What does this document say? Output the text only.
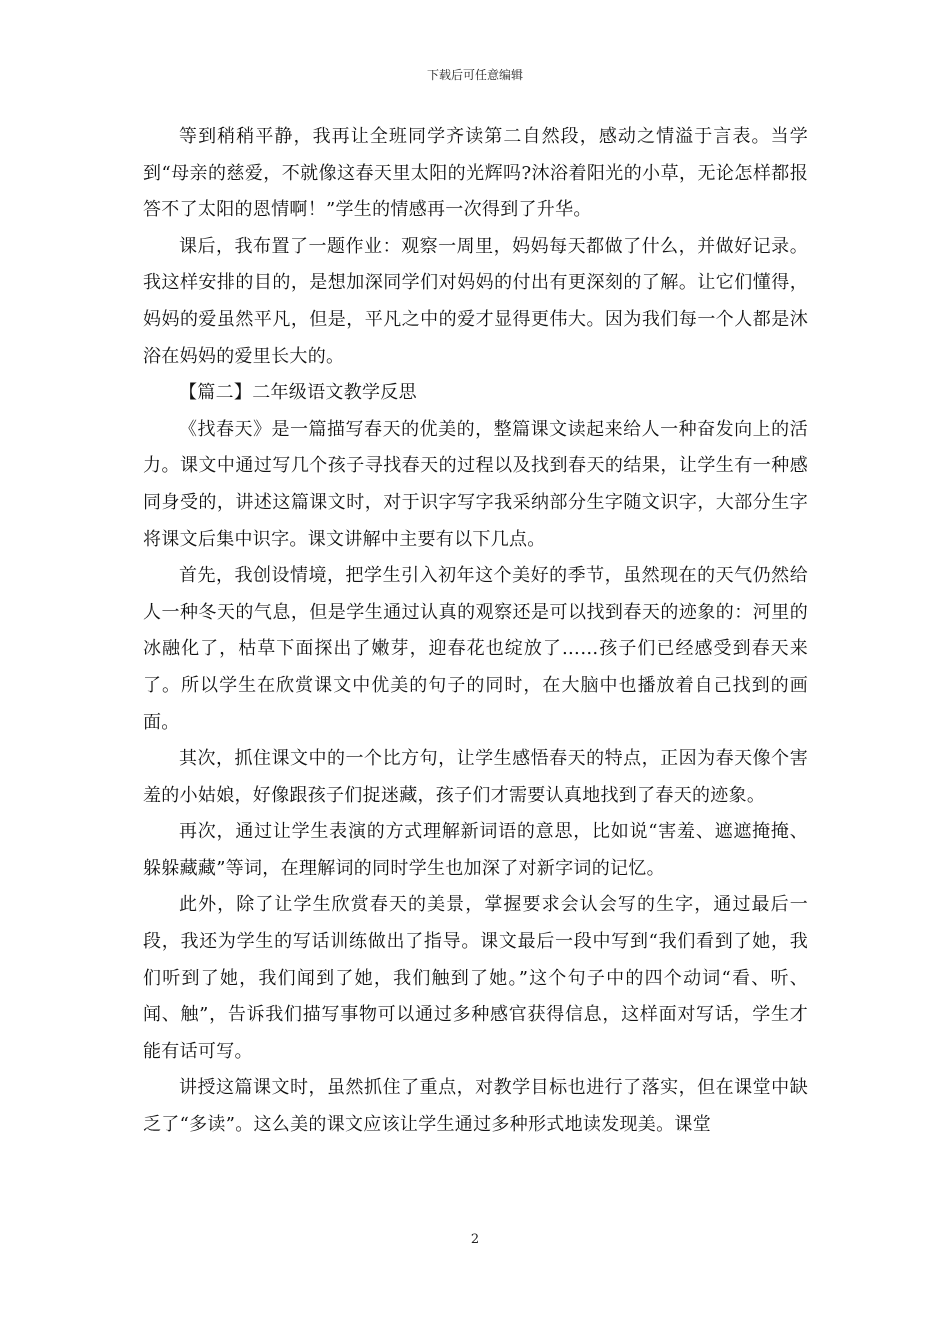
下载后可任意编辑

等到稍稍平静，我再让全班同学齐读第二自然段，感动之情溢于言表。当学到“母亲的慈爱，不就像这春天里太阳的光辉吗?沐浴着阳光的小草，无论怎样都报答不了太阳的恩情啊！”学生的情感再一次得到了升华。

课后，我布置了一题作业：观察一周里，妈妈每天都做了什么，并做好记录。我这样安排的目的，是想加深同学们对妈妈的付出有更深刻的了解。让它们懂得，妈妈的爱虽然平凡，但是，平凡之中的爱才显得更伟大。因为我们每一个人都是沐浴在妈妈的爱里长大的。

【篇二】二年级语文教学反思

《找春天》是一篇描写春天的优美的，整篇课文读起来给人一种奋发向上的活力。课文中通过写几个孩子寻找春天的过程以及找到春天的结果，让学生有一种感同身受的，讲述这篇课文时，对于识字写字我采纳部分生字随文识字，大部分生字将课文后集中识字。课文讲解中主要有以下几点。

首先，我创设情境，把学生引入初年这个美好的季节，虽然现在的天气仍然给人一种冬天的气息，但是学生通过认真的观察还是可以找到春天的迹象的：河里的冰融化了，枯草下面探出了嫩芽，迎春花也绽放了……孩子们已经感受到春天来了。所以学生在欣赏课文中优美的句子的同时，在大脑中也播放着自己找到的画面。

其次，抓住课文中的一个比方句，让学生感悟春天的特点，正因为春天像个害羞的小姑娘，好像跟孩子们捉迷藏，孩子们才需要认真地找到了春天的迹象。

再次，通过让学生表演的方式理解新词语的意思，比如说“害羞、遮遮掩掩、躲躲藏藏”等词，在理解词的同时学生也加深了对新字词的记忆。

此外，除了让学生欣赏春天的美景，掌握要求会认会写的生字，通过最后一段，我还为学生的写话训练做出了指导。课文最后一段中写到“我们看到了她，我们听到了她，我们闻到了她，我们触到了她。”这个句子中的四个动词“看、听、闻、触”，告诉我们描写事物可以通过多种感官获得信息，这样面对写话，学生才能有话可写。

讲授这篇课文时，虽然抓住了重点，对教学目标也进行了落实，但在课堂中缺乏了“多读”。这么美的课文应该让学生通过多种形式地读发现美。课堂

2
